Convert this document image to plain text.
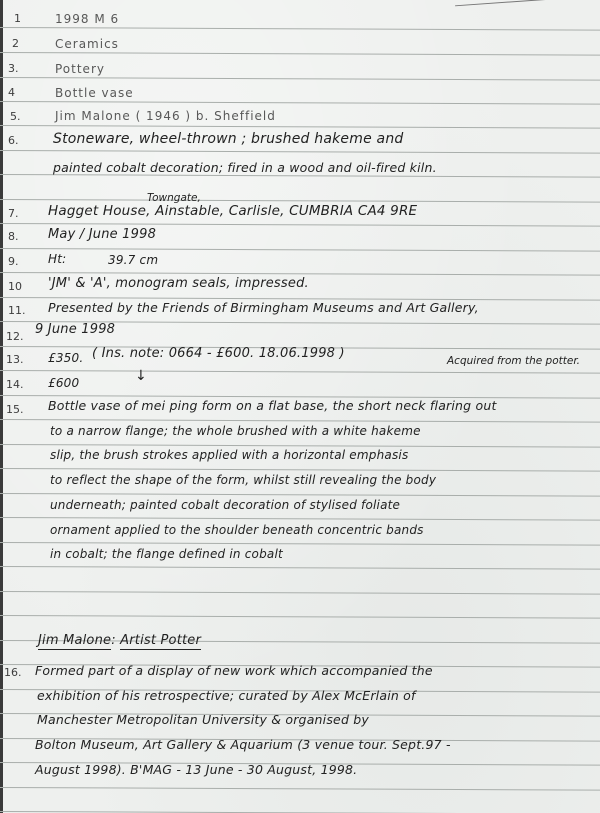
1	1998 M 6
2	Ceramics
3.	Pottery
4	Bottle vase
5.	Jim Malone ( 1946 ) b. Sheffield
6. Stoneware, wheel-thrown ; brushed hakeme and
painted cobalt decoration; fired in a wood and oil-fired kiln.
Towngate,
7. Hagget House, Ainstable, Carlisle, CUMBRIA CA4 9RE
8. May / June 1998
9. Ht:	39.7 cm
10 'JM' & 'A', monogram seals, impressed.
11. Presented by the Friends of Birmingham Museums and Art Gallery,
12. 9 June 1998
13. £350. ( Ins. note: 0664 - £600. 18.06.1998 )	Acquired from the potter.
14. £600	↓
15. Bottle vase of mei ping form on a flat base, the short neck flaring out
to a narrow flange; the whole brushed with a white hakeme
slip, the brush strokes applied with a horizontal emphasis
to reflect the shape of the form, whilst still revealing the body
underneath; painted cobalt decoration of stylised foliate
ornament applied to the shoulder beneath concentric bands
in cobalt; the flange defined in cobalt
Jim Malone: Artist Potter
16. Formed part of a display of new work which accompanied the
exhibition of his retrospective; curated by Alex McErlain of
Manchester Metropolitan University & organised by
Bolton Museum, Art Gallery & Aquarium (3 venue tour. Sept.97 -
August 1998). B'MAG - 13 June - 30 August, 1998.
